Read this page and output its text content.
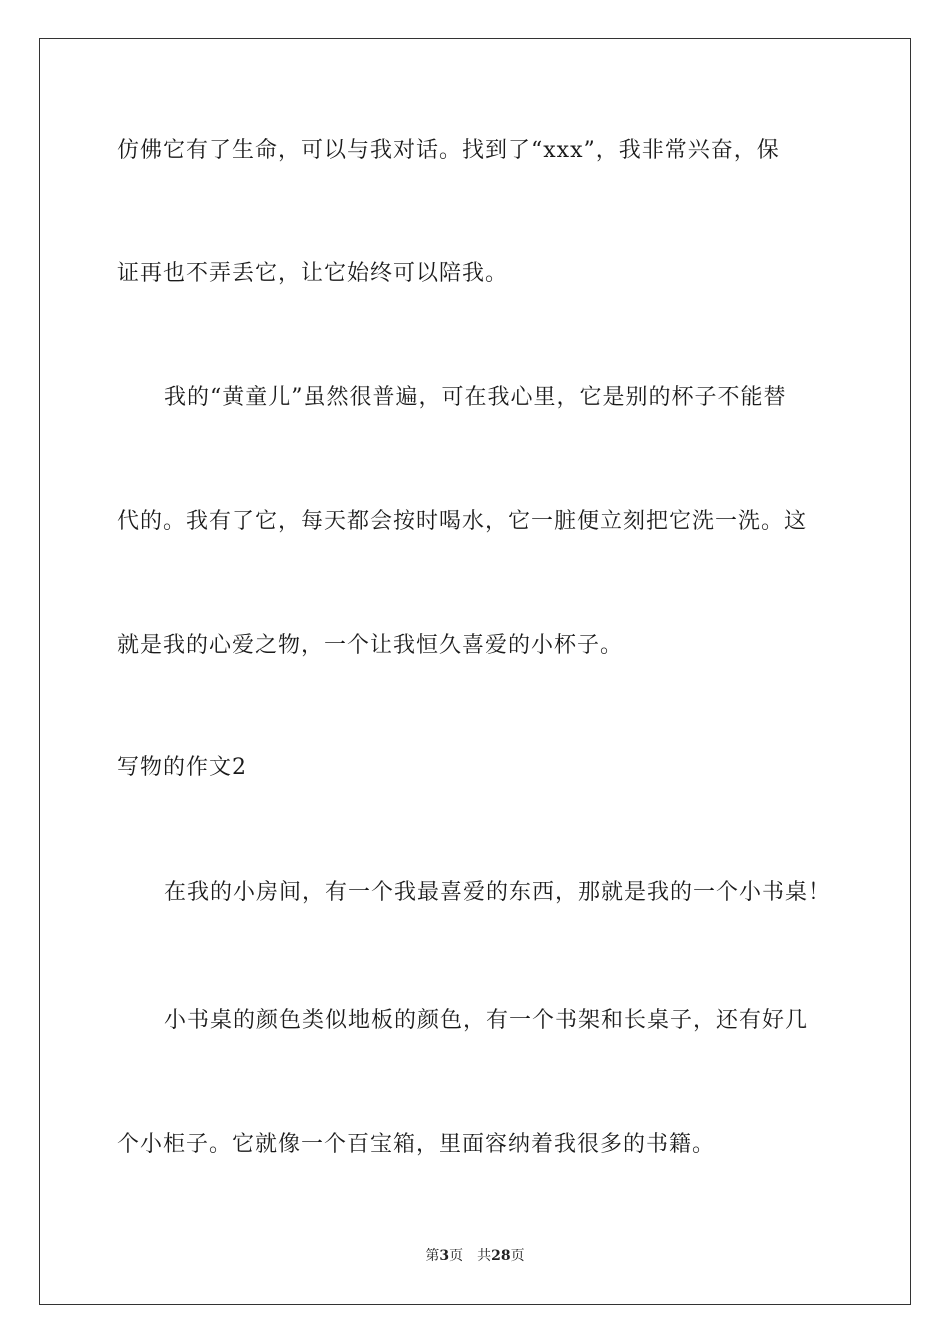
仿佛它有了生命，可以与我对话。找到了“xxx”，我非常兴奋，保
证再也不弄丢它，让它始终可以陪我。
我的“黄童儿”虽然很普遍，可在我心里，它是别的杯子不能替
代的。我有了它，每天都会按时喝水，它一脏便立刻把它洗一洗。这
就是我的心爱之物，一个让我恒久喜爱的小杯子。
写物的作文2
在我的小房间，有一个我最喜爱的东西，那就是我的一个小书桌！
小书桌的颜色类似地板的颜色，有一个书架和长桌子，还有好几
个小柜子。它就像一个百宝箱，里面容纳着我很多的书籍。
第3页 共28页
